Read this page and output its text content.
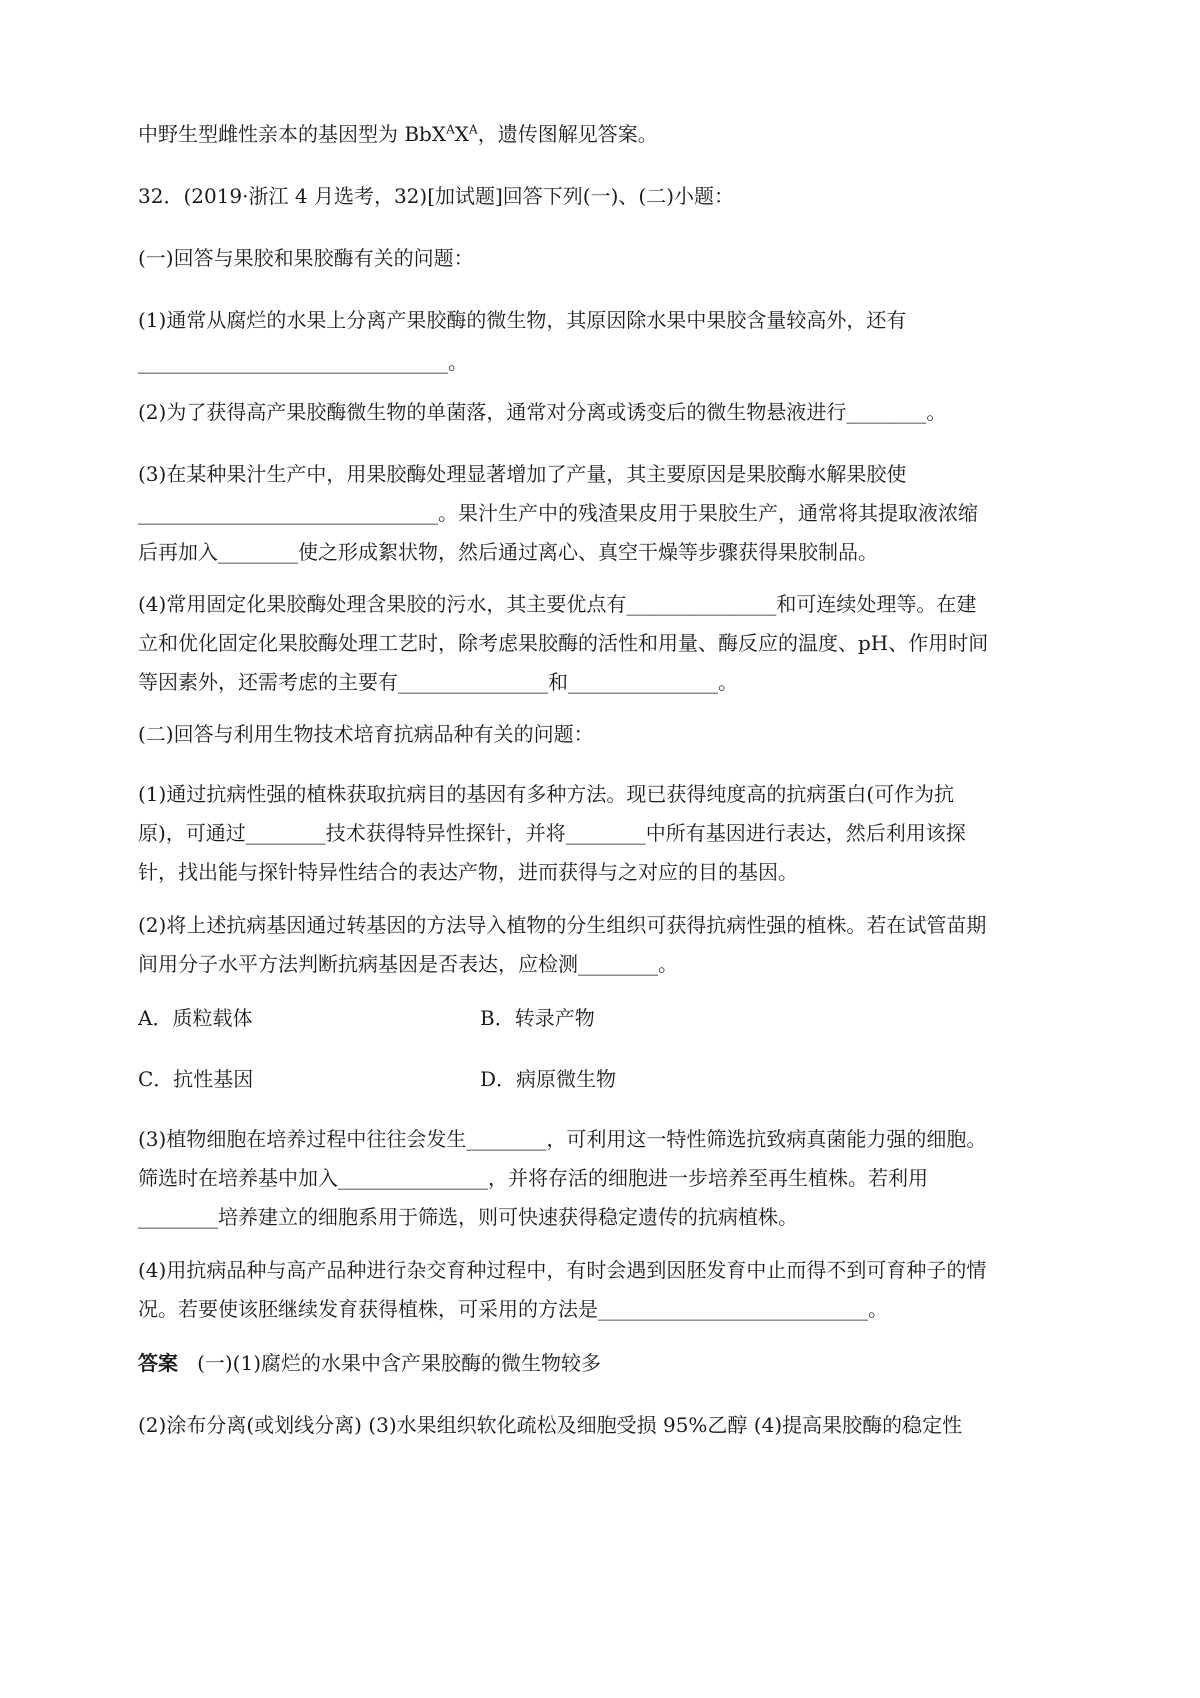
中野生型雌性亲本的基因型为 $BbX^AX^A$，遗传图解见答案。
32．(2019·浙江 4 月选考，32)[加试题]回答下列(一)、(二)小题：
(一)回答与果胶和果胶酶有关的问题：
(1)通常从腐烂的水果上分离产果胶酶的微生物，其原因除水果中果胶含量较高外，还有
_______________________________。
(2)为了获得高产果胶酶微生物的单菌落，通常对分离或诱变后的微生物悬液进行________。
(3)在某种果汁生产中，用果胶酶处理显著增加了产量，其主要原因是果胶酶水解果胶使
______________________________。果汁生产中的残渣果皮用于果胶生产，通常将其提取液浓缩
后再加入________使之形成絮状物，然后通过离心、真空干燥等步骤获得果胶制品。
(4)常用固定化果胶酶处理含果胶的污水，其主要优点有_______________和可连续处理等。在建
立和优化固定化果胶酶处理工艺时，除考虑果胶酶的活性和用量、酶反应的温度、pH、作用时间
等因素外，还需考虑的主要有_______________和_______________。
(二)回答与利用生物技术培育抗病品种有关的问题：
(1)通过抗病性强的植株获取抗病目的基因有多种方法。现已获得纯度高的抗病蛋白(可作为抗
原)，可通过________技术获得特异性探针，并将________中所有基因进行表达，然后利用该探
针，找出能与探针特异性结合的表达产物，进而获得与之对应的目的基因。
(2)将上述抗病基因通过转基因的方法导入植物的分生组织可获得抗病性强的植株。若在试管苗期
间用分子水平方法判断抗病基因是否表达，应检测________。
A．质粒载体	B．转录产物
C．抗性基因	D．病原微生物
(3)植物细胞在培养过程中往往会发生________，可利用这一特性筛选抗致病真菌能力强的细胞。
筛选时在培养基中加入_______________，并将存活的细胞进一步培养至再生植株。若利用
________培养建立的细胞系用于筛选，则可快速获得稳定遗传的抗病植株。
(4)用抗病品种与高产品种进行杂交育种过程中，有时会遇到因胚发育中止而得不到可育种子的情
况。若要使该胚继续发育获得植株，可采用的方法是___________________________。
答案 (一)(1)腐烂的水果中含产果胶酶的微生物较多
(2)涂布分离(或划线分离) (3)水果组织软化疏松及细胞受损 95%乙醇 (4)提高果胶酶的稳定性
